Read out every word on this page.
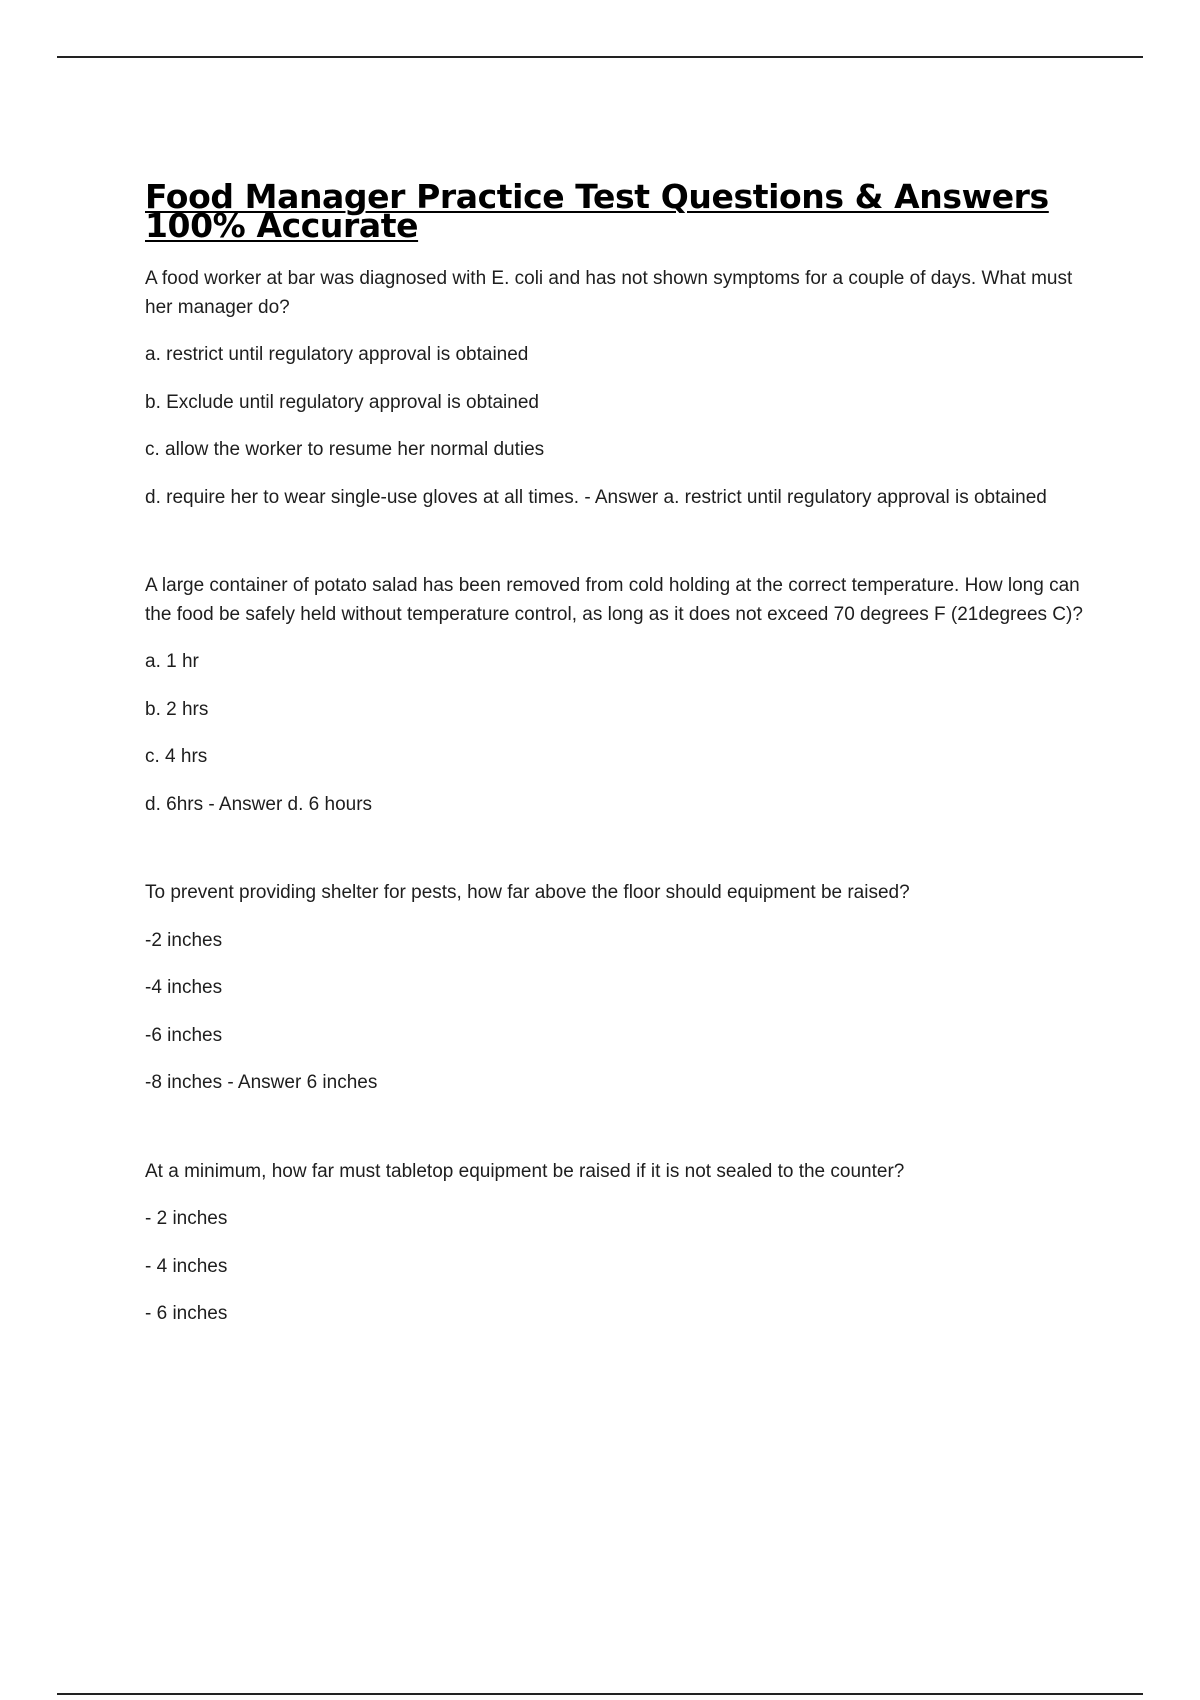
Food Manager Practice Test Questions & Answers 100% Accurate

A food worker at bar was diagnosed with E. coli and has not shown symptoms for a couple of days. What must her manager do?

a. restrict until regulatory approval is obtained

b. Exclude until regulatory approval is obtained

c. allow the worker to resume her normal duties

d. require her to wear single-use gloves at all times. - Answer a. restrict until regulatory approval is obtained

A large container of potato salad has been removed from cold holding at the correct temperature. How long can the food be safely held without temperature control, as long as it does not exceed 70 degrees F (21degrees C)?

a. 1 hr

b. 2 hrs

c. 4 hrs

d. 6hrs - Answer d. 6 hours

To prevent providing shelter for pests, how far above the floor should equipment be raised?

-2 inches

-4 inches

-6 inches

-8 inches - Answer 6 inches

At a minimum, how far must tabletop equipment be raised if it is not sealed to the counter?

- 2 inches

- 4 inches

- 6 inches
